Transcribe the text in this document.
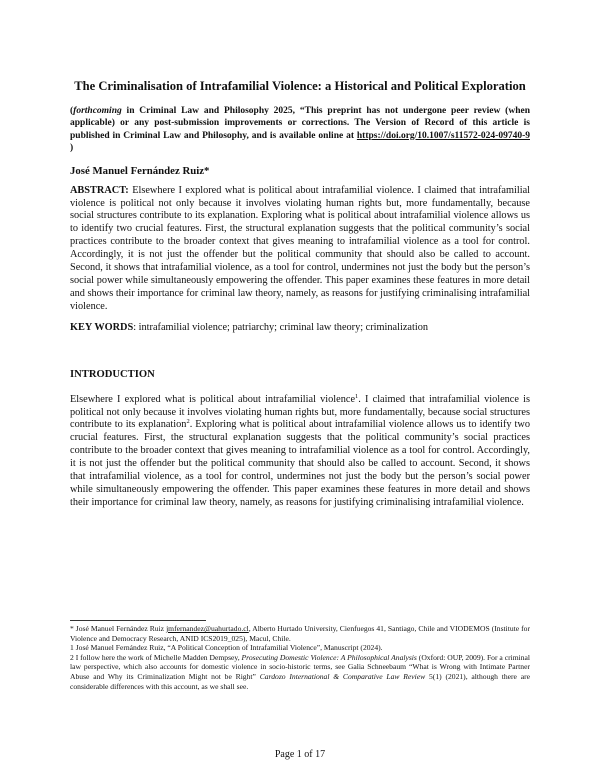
The Criminalisation of Intrafamilial Violence: a Historical and Political Exploration
(forthcoming in Criminal Law and Philosophy 2025, “This preprint has not undergone peer review (when applicable) or any post-submission improvements or corrections. The Version of Record of this article is published in Criminal Law and Philosophy, and is available online at https://doi.org/10.1007/s11572-024-09740-9 )
José Manuel Fernández Ruiz*
ABSTRACT: Elsewhere I explored what is political about intrafamilial violence. I claimed that intrafamilial violence is political not only because it involves violating human rights but, more fundamentally, because social structures contribute to its explanation. Exploring what is political about intrafamilial violence allows us to identify two crucial features. First, the structural explanation suggests that the political community’s social practices contribute to the broader context that gives meaning to intrafamilial violence as a tool for control. Accordingly, it is not just the offender but the political community that should also be called to account. Second, it shows that intrafamilial violence, as a tool for control, undermines not just the body but the person’s social power while simultaneously empowering the offender. This paper examines these features in more detail and shows their importance for criminal law theory, namely, as reasons for justifying criminalising intrafamilial violence.
KEY WORDS: intrafamilial violence; patriarchy; criminal law theory; criminalization
INTRODUCTION
Elsewhere I explored what is political about intrafamilial violence$^1$. I claimed that intrafamilial violence is political not only because it involves violating human rights but, more fundamentally, because social structures contribute to its explanation$^2$. Exploring what is political about intrafamilial violence allows us to identify two crucial features. First, the structural explanation suggests that the political community’s social practices contribute to the broader context that gives meaning to intrafamilial violence as a tool for control. Accordingly, it is not just the offender but the political community that should also be called to account. Second, it shows that intrafamilial violence, as a tool for control, undermines not just the body but the person’s social power while simultaneously empowering the offender. This paper examines these features in more detail and shows their importance for criminal law theory, namely, as reasons for justifying criminalising intrafamilial violence.

* José Manuel Fernández Ruiz jmfernandez@uahurtado.cl, Alberto Hurtado University, Cienfuegos 41, Santiago, Chile and VIODEMOS (Institute for Violence and Democracy Research, ANID ICS2019_025), Macul, Chile.

1 José Manuel Fernández Ruiz, “A Political Conception of Intrafamilial Violence”, Manuscript (2024).

2 I follow here the work of Michelle Madden Dempsey, Prosecuting Domestic Violence: A Philosophical Analysis (Oxford: OUP, 2009). For a criminal law perspective, which also accounts for domestic violence in socio-historic terms, see Galia Schneebaum “What is Wrong with Intimate Partner Abuse and Why its Criminalization Might not be Right” Cardozo International & Comparative Law Review 5(1) (2021), although there are considerable differences with this account, as we shall see.

Page 1 of 17
